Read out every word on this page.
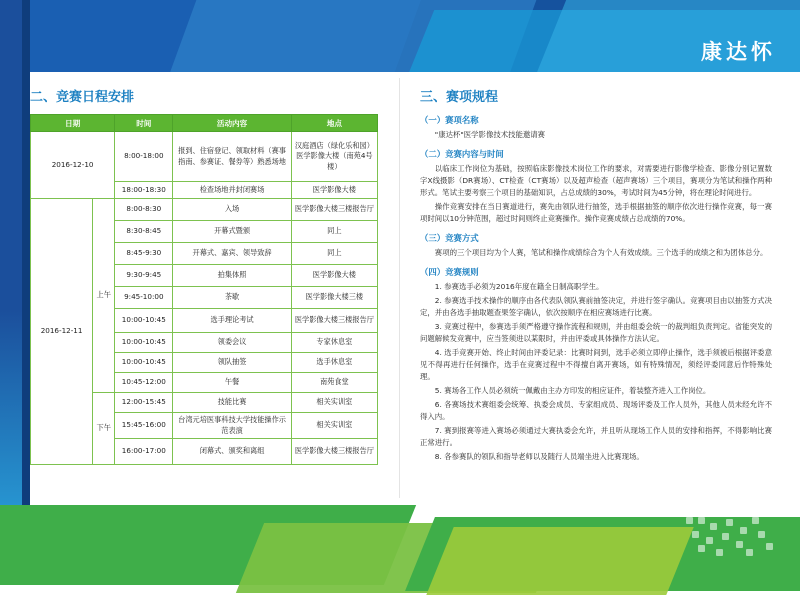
康达怀
二、竞赛日程安排
日期		时间	活动内容	地点
2016-12-10		8:00-18:00	报到、住宿登记、领取材料（赛事指南、参赛证、餐券等）熟悉场地	汉庭酒店（绿化乐和园）医学影像大楼（南苑4号楼）
		18:00-18:30	检查场地并封闭赛场	医学影像大楼
2016-12-11	上午	8:00-8:30	入场	医学影像大楼三楼报告厅
		8:30-8:45	开幕式暨颁	同上
		8:45-9:30	开幕式、嘉宾、领导致辞	同上
		9:30-9:45	拍集体照	医学影像大楼
		9:45-10:00	茶歇	医学影像大楼三楼
		10:00-10:45	选手理论考试	医学影像大楼三楼报告厅
		10:00-10:45	领委会议	专家休息室
		10:00-10:45	领队抽签	选手休息室
		10:45-12:00	午餐	南苑食堂
	下午	12:00-15:45	技能比赛	相关实训室
		15:45-16:00	台湾元培医事科技大学技能操作示范表演	相关实训室
		16:00-17:00	闭幕式、颁奖和离组	医学影像大楼三楼报告厅
三、赛项规程
（一）赛项名称

"康达杯"医学影像技术技能邀请赛

（二）竞赛内容与时间

以临床工作岗位为基础，按照临床影像技术岗位工作的要求，对需要进行影像学检查、影像分别记置数字X线摄影（DR赛场）、CT检查（CT赛场）以及超声检查（超声赛场）三个项目，赛项分为笔试和操作两种形式。笔试主要考察三个项目的基础知识，占总成绩的30%，考试时间为45分钟，将在理论时间进行。

操作竞赛安排在当日赛道进行，赛先由领队进行抽签，选手根据抽签的顺序依次进行操作竞赛，每一赛项时间以10分钟范围，超过时间则终止竞赛操作。操作竞赛成绩占总成绩的70%。

（三）竞赛方式

赛项的三个项目均为个人赛，笔试和操作成绩综合为个人有效成绩。三个选手的成绩之和为团体总分。

（四）竞赛规则

1. 参赛选手必须为2016年度在籍全日制高职学生。

2. 参赛选手技术操作的顺序由各代表队领队赛前抽签决定，并进行签字确认。竞赛项目由以抽签方式决定，并由各选手抽取题查果签字确认，依次按顺序在相应赛场进行比赛。

3. 竞赛过程中，参赛选手须严格遵守操作流程和规则，并由组委会统一的裁判组负责判定。省能突发的问题解候发竞赛中，应当签须进以某限时，并由评委或具体操作方法认定。

4. 选手竞赛开始、终止时间由评委记录：比赛时间到，选手必须立即停止操作，选手须被后根据评委意见不得再进行任何操作，选手在竞赛过程中不得擅自离开赛场，如有特殊情况，须经评委同意后作特殊处理。

5. 赛场各工作人员必须统一佩戴由主办方印发的相应证件，着装整齐进入工作岗位。

6. 各赛场技术赛组委会统筹、执委会成员、专家组成员、现场评委及工作人员外，其他人员未经允许不得入内。

7. 赛到报赛等进入赛场必须通过大赛执委会允许，并且听从现场工作人员的安排和指挥，不得影响比赛正常进行。

8. 各参赛队的领队和指导老师以及随行人员端坐进入比赛现场。
